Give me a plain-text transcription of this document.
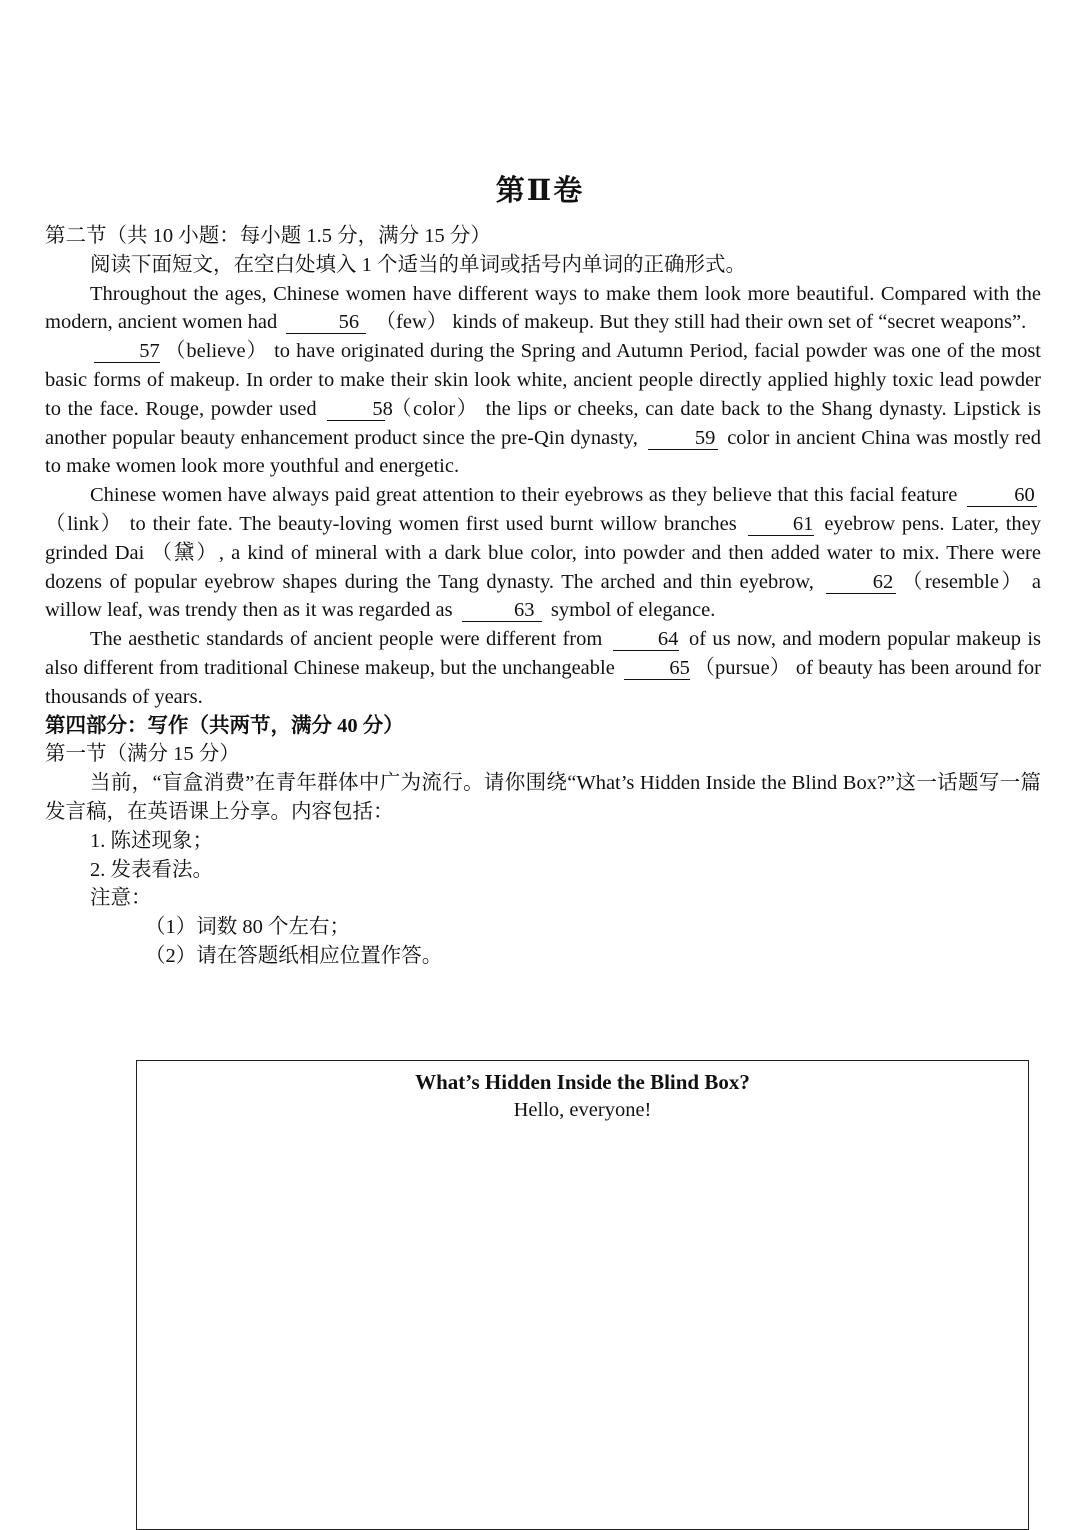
第Ⅱ卷

第二节（共 10 小题：每小题 1.5 分，满分 15 分）

阅读下面短文，在空白处填入 1 个适当的单词或括号内单词的正确形式。

Throughout the ages, Chinese women have different ways to make them look more beautiful. Compared with the modern, ancient women had	56 （few） kinds of makeup. But they still had their own set of “secret weapons”.

57 （believe） to have originated during the Spring and Autumn Period, facial powder was one of the most basic forms of makeup. In order to make their skin look white, ancient people directly applied highly toxic lead powder to the face. Rouge, powder used	58（color） the lips or cheeks, can date back to the Shang dynasty. Lipstick is another popular beauty enhancement product since the pre-Qin dynasty,	59 color in ancient China was mostly red to make women look more youthful and energetic.

Chinese women have always paid great attention to their eyebrows as they believe that this facial feature	60（link） to their fate. The beauty-loving women first used burnt willow branches	61 eyebrow pens. Later, they grinded Dai （黛）, a kind of mineral with a dark blue color, into powder and then added water to mix. There were dozens of popular eyebrow shapes during the Tang dynasty. The arched and thin eyebrow,	62 （resemble） a willow leaf, was trendy then as it was regarded as	63 symbol of elegance.

The aesthetic standards of ancient people were different from	64 of us now, and modern popular makeup is also different from traditional Chinese makeup, but the unchangeable	65 （pursue） of beauty has been around for thousands of years.

第四部分：写作（共两节，满分 40 分）

第一节（满分 15 分）

当前，“盲盒消费”在青年群体中广为流行。请你围绕“What’s Hidden Inside the Blind Box?”这一话题写一篇发言稿，在英语课上分享。内容包括：

1. 陈述现象；

2. 发表看法。

注意：

（1）词数 80 个左右；

（2）请在答题纸相应位置作答。

What’s Hidden Inside the Blind Box?
Hello, everyone!
